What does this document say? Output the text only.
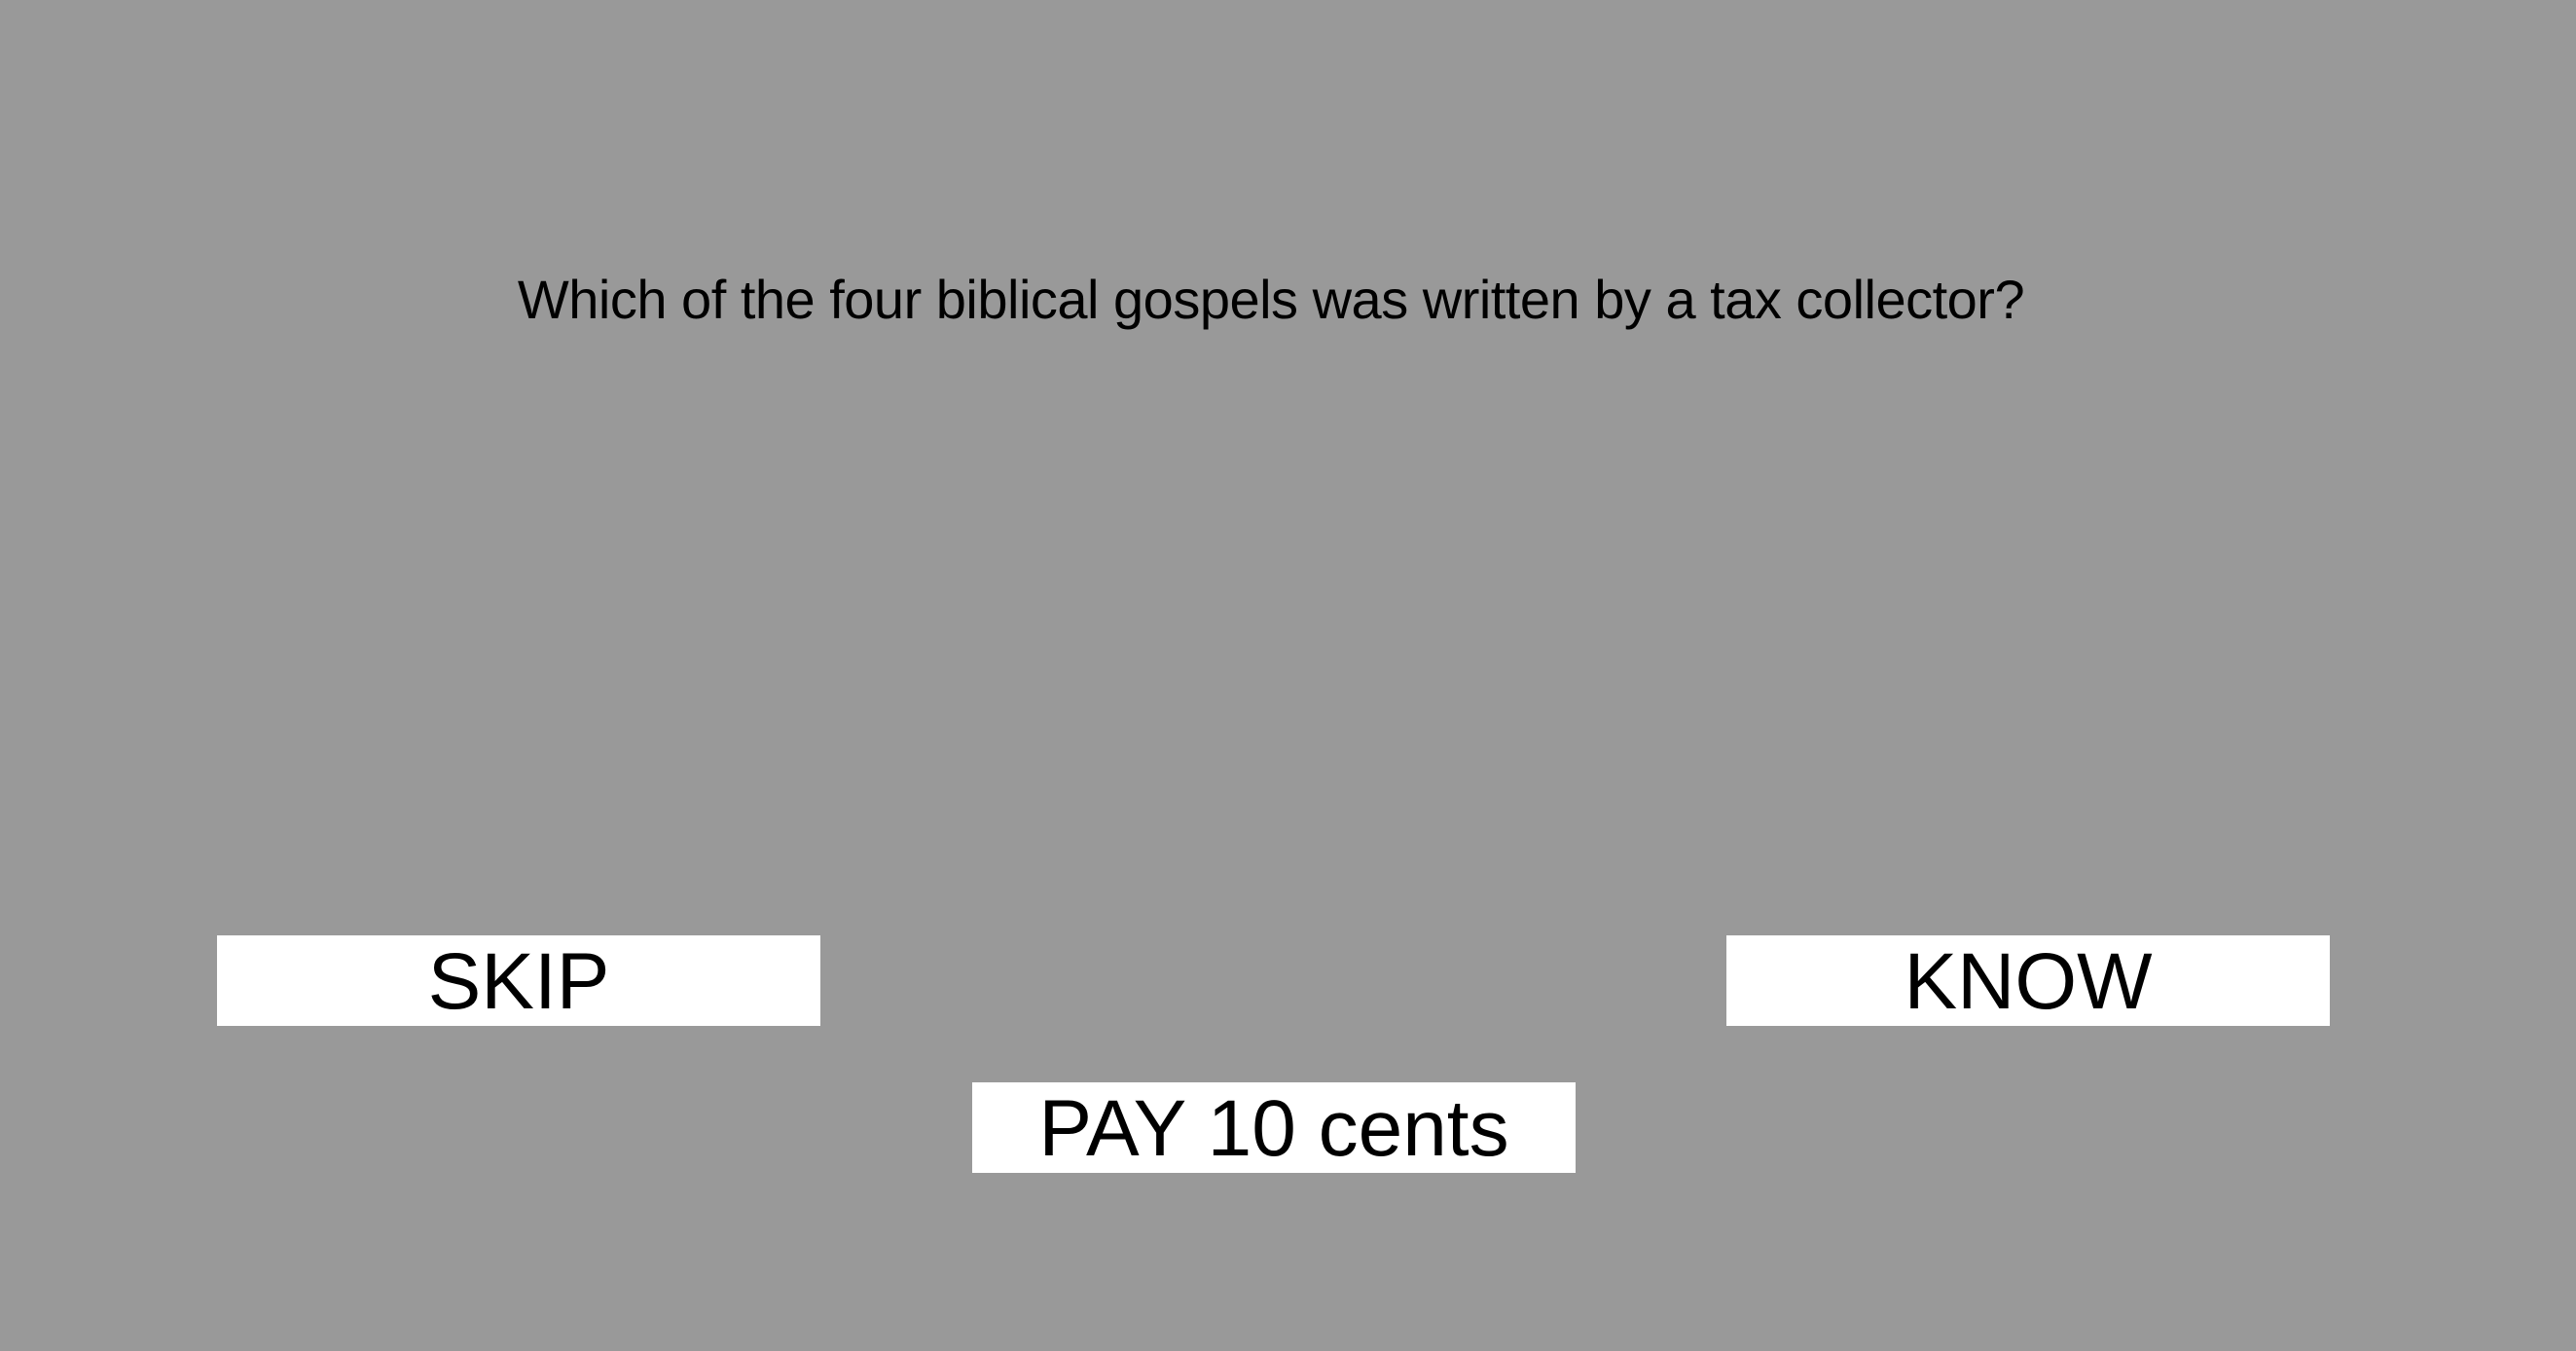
Which of the four biblical gospels was written by a tax collector?
SKIP	KNOW
PAY 10 cents
